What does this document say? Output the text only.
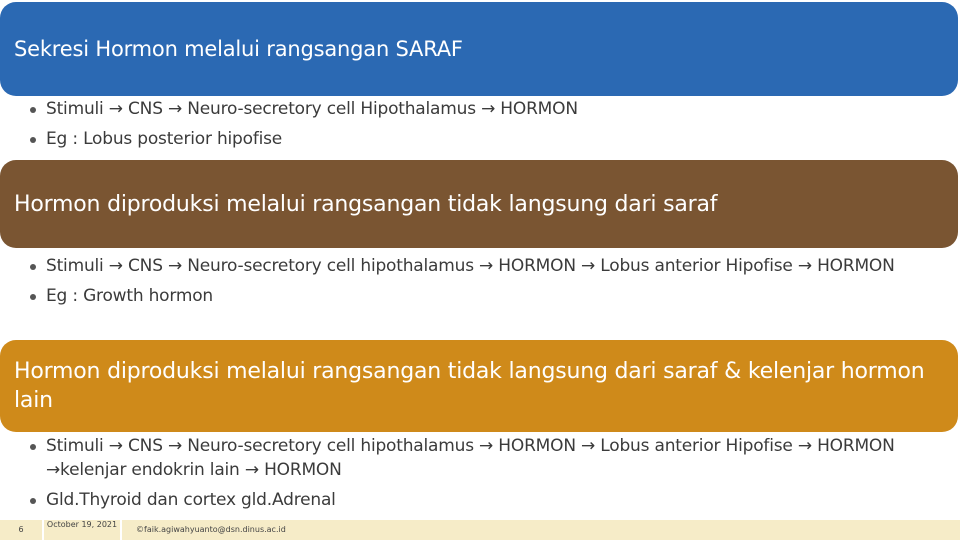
Sekresi Hormon melalui rangsangan SARAF
Stimuli → CNS → Neuro-secretory cell Hipothalamus → HORMON
Eg : Lobus posterior hipofise
Hormon diproduksi melalui rangsangan tidak langsung dari saraf
Stimuli → CNS → Neuro-secretory cell hipothalamus → HORMON → Lobus anterior Hipofise → HORMON
Eg : Growth hormon
Hormon diproduksi melalui rangsangan tidak langsung dari saraf & kelenjar hormon lain
Stimuli → CNS → Neuro-secretory cell hipothalamus → HORMON → Lobus anterior Hipofise → HORMON →kelenjar endokrin lain → HORMON
Gld.Thyroid dan cortex gld.Adrenal
6
October 19, 2021
©faik.agiwahyuanto@dsn.dinus.ac.id
